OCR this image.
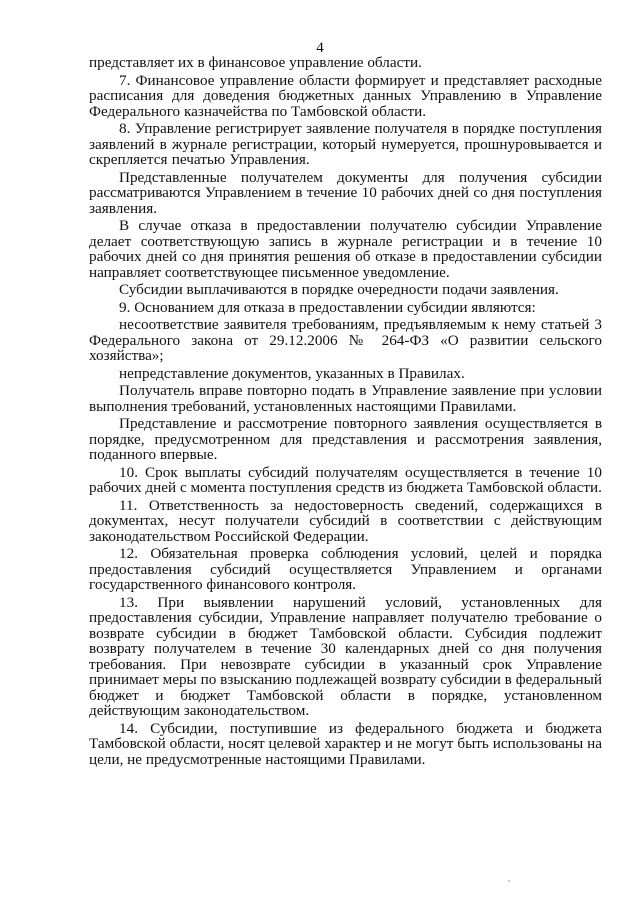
4

представляет их в финансовое управление области.

7. Финансовое управление области формирует и представляет расходные расписания для доведения бюджетных данных Управлению в Управление Федерального казначейства по Тамбовской области.

8. Управление регистрирует заявление получателя в порядке поступления заявлений в журнале регистрации, который нумеруется, прошнуровывается и скрепляется печатью Управления.

Представленные получателем документы для получения субсидии рассматриваются Управлением в течение 10 рабочих дней со дня поступления заявления.

В случае отказа в предоставлении получателю субсидии Управление делает соответствующую запись в журнале регистрации и в течение 10 рабочих дней со дня принятия решения об отказе в предоставлении субсидии направляет соответствующее письменное уведомление.

Субсидии выплачиваются в порядке очередности подачи заявления.

9. Основанием для отказа в предоставлении субсидии являются:

несоответствие заявителя требованиям, предъявляемым к нему статьей 3 Федерального закона от 29.12.2006 № 264-ФЗ «О развитии сельского хозяйства»;

непредставление документов, указанных в Правилах.

Получатель вправе повторно подать в Управление заявление при условии выполнения требований, установленных настоящими Правилами.

Представление и рассмотрение повторного заявления осуществляется в порядке, предусмотренном для представления и рассмотрения заявления, поданного впервые.

10. Срок выплаты субсидий получателям осуществляется в течение 10 рабочих дней с момента поступления средств из бюджета Тамбовской области.

11. Ответственность за недостоверность сведений, содержащихся в документах, несут получатели субсидий в соответствии с действующим законодательством Российской Федерации.

12. Обязательная проверка соблюдения условий, целей и порядка предоставления субсидий осуществляется Управлением и органами государственного финансового контроля.

13. При выявлении нарушений условий, установленных для предоставления субсидии, Управление направляет получателю требование о возврате субсидии в бюджет Тамбовской области. Субсидия подлежит возврату получателем в течение 30 календарных дней со дня получения требования. При невозврате субсидии в указанный срок Управление принимает меры по взысканию подлежащей возврату субсидии в федеральный бюджет и бюджет Тамбовской области в порядке, установленном действующим законодательством.

14. Субсидии, поступившие из федерального бюджета и бюджета Тамбовской области, носят целевой характер и не могут быть использованы на цели, не предусмотренные настоящими Правилами.
